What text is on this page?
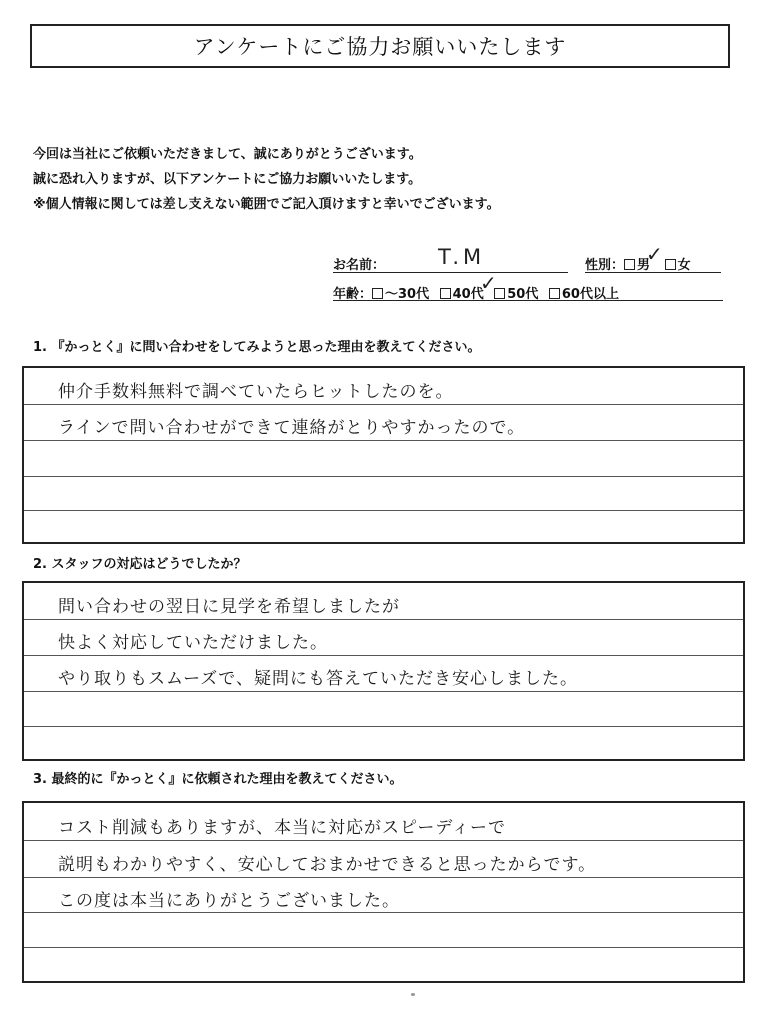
アンケートにご協力お願いいたします
今回は当社にご依頼いただきまして、誠にありがとうございます。
誠に恐れ入りますが、以下アンケートにご協力お願いいたします。
※個人情報に関しては差し支えない範囲でご記入頂けますと幸いでございます。
お名前：	T.M	性別： 男 女
✓
年齢： ～30代 40代 50代 60代以上
✓
1. 『かっとく』に問い合わせをしてみようと思った理由を教えてください。
仲介手数料無料で調べていたらヒットしたのを。
ラインで問い合わせができて連絡がとりやすかったので。
2. スタッフの対応はどうでしたか？
問い合わせの翌日に見学を希望しましたが
快よく対応していただけました。
やり取りもスムーズで、疑問にも答えていただき安心しました。
3. 最終的に『かっとく』に依頼された理由を教えてください。
コスト削減もありますが、本当に対応がスピーディーで
説明もわかりやすく、安心しておまかせできると思ったからです。
この度は本当にありがとうございました。
